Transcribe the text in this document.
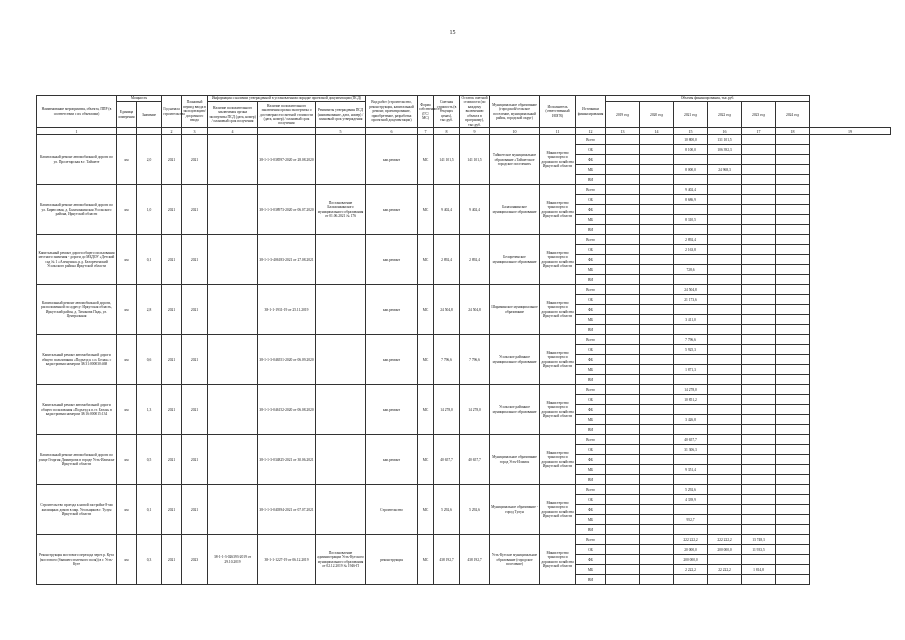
15
Наименование мероприятия, объекта, ППР (в соответствии с их объектами)	Мощность		Год начала строительства	Плановый период ввода в эксплуатацию/досрочного ввода	Информация о наличии утвержденной в установленном порядке проектной документации (ПСД)			Вид работ (строительство, реконструкция, капитальный ремонт, проектирование, приобретение, разработка проектной документации)	Форма собственности (ГС/МС)	Сметная стоимость (в текущих ценах), тыс.руб.	Остаток сметной стоимости (по каждому включению объекта в программу), тыс.руб.	Муниципальное образование (городской/сельское поселение, муниципальный район, городской округ)	Исполнитель (ответственный ИОГВ)	Источники финансирования	Объемы финансирования, тыс.руб.						
	Единица измерения	Значение			Наличие положительного заключения органа экспертизы ПСД (дата, номер) / плановый срок получения	Наличие положительного заключения органа экспертизы о достоверности сметной стоимости (дата, номер) / плановый срок получения	Реквизиты утверждения ПСД (наименование, дата, номер) / плановый срок утверждения								2019 год	2020 год	2021 год	2022 год	2023 год	2024 год	
1			2	3	4		5	6	7	8	9	10	11	12	13	14	15	16	17	18	19
Капитальный ремонт автомобильной дороги по ул. Пролетарская в г. Тайшете	км	2,0	2021	2021		38-1-1-3-038597-2020 от 28.08.2020		кап.ремонт	МС	141 101,5	141 101,5	Тайшетское муниципальное образование «Тайшетское городское поселение»	Министерство транспорта и дорожного хозяйства Иркутской области	Всего			10 800,0	131 101,5			
														ОБ			8 100,0	106 392,3			
														ФБ							
														МБ			8 000,0	24 968,3			
														ВИ							
Капитальный ремонт автомобильной дороги по ул. Бирюсовая, д. Балахонкинская Усольского района, Иркутской области	км	1,0	2021	2021		38-1-1-3-038973-2020 от 06.07.2020	Постановление Балахонкинского муниципального образования от 01.06.2021 № 176	кап.ремонт	МС	9 402,4	9 402,4	Балахонкинское муниципальное образование	Министерство транспорта и дорожного хозяйства Иркутской области	Всего			9 402,4				
														ОБ			8 686,9				
														ФБ							
														МБ			8 310,5				
														ВИ							
Капитальный ремонт дороги общего пользования местного значения - дороги до МБДОУ «Детский сад № 1 «Аленушка» р.д. Белореченский Усольского района Иркутской области	км	0,1	2021	2021		38-1-1-3-406183-2021 от 27.08.2021		кап.ремонт	МС	2 892,4	2 892,4	Белореченское муниципальное образование	Министерство транспорта и дорожного хозяйства Иркутской области	Всего			2 892,4				
														ОБ			2 163,8				
														ФБ							
														МБ			728,6				
														ВИ							
Капитальный ремонт автомобильной дороги, расположенной по адресу: Иркутская область, Иркутский район, д. Тихонова Падь, ул. Центральная	км	2,8	2021	2021		38-1-1-1931-19 от 25.11.2019		кап.ремонт	МС	24 504,8	24 504,8	Шараминское муниципальное образование	Министерство транспорта и дорожного хозяйства Иркутской области	Всего			24 504,8				
														ОБ			21 173,6				
														ФБ							
														МБ			3 411,0				
														ВИ							
Капитальный ремонт автомобильной дороги общего пользования «Подъезд к с.п. Белая» с кадастровым номером 38:31:000030:468	км	0,6	2021	2021		38-1-1-3-046551-2020 от 06.09.2020		кап.ремонт	МС	7 796,6	7 796,6	Усольское районное муниципальное образование	Министерство транспорта и дорожного хозяйства Иркутской области	Всего			7 796,6				
														ОБ			5 925,3				
														ФБ							
														МБ			1 871,3				
														ВИ							
Капитальный ремонт автомобильной дороги общего пользования «Подъезд к п.ст. Белая» в кадастровым номером 38:16:000015:134	км	1,3	2021	2021		38-1-1-3-046152-2020 от 06.08.2020		кап.ремонт	МС	14 278,0	14 278,0	Усольское районное муниципальное образование	Министерство транспорта и дорожного хозяйства Иркутской области	Всего			14 278,0				
														ОБ			10 851,2				
														ФБ							
														МБ			3 426,8				
														ВИ							
Капитальный ремонт автомобильной дороги по улице Георгия Димитрова в городе Усть-Илимске Иркутской области	км	0,5	2021	2021		38-1-1-3-034825-2021 от 30.06.2021		кап.ремонт	МС	40 657,7	40 657,7	Муниципальное образование город Усть-Илимск	Министерство транспорта и дорожного хозяйства Иркутской области	Всего			40 657,7				
														ОБ			31 306,3				
														ФБ							
														МБ			9 351,4				
														ВИ							
Строительство проезда к новой застройке 8-ми жилищных домов в мкр. Угольщиков г. Тулун Иркутской области	км	0,1	2021	2021		38-1-1-3-040394-2021 от 07.07.2021		Строительство	МС	5 292,6	5 292,6	Муниципальное образование - город Тулун	Министерство транспорта и дорожного хозяйства Иркутской области	Всего			5 292,6				
														ОБ			4 339,9				
														ФБ							
														МБ			952,7				
														ВИ							
Реконструкция мостового перехода через р. Кута (мостового (бывшего взлетного поля)) в г. Усть-Куте	км	0,3	2021	2023	38-1-1-3-026393-2019 от 29.10.2019	38-1-1-1227-19 от 06.12.2019	Постановление администрации Усть-Кутского муниципального образования от 02.12.2019 № 1946-П	реконструкция	МС	438 192,7	438 192,7	Усть-Кутское муниципальное образование (городское поселение)	Министерство транспорта и дорожного хозяйства Иркутской области	Всего			222 222,2	222 222,2	13 748,3		
														ОБ			20 000,0	200 000,0	11 933,5		
														ФБ			200 000,0				
														МБ			2 222,2	22 222,2	1 814,8		
														ВИ							
